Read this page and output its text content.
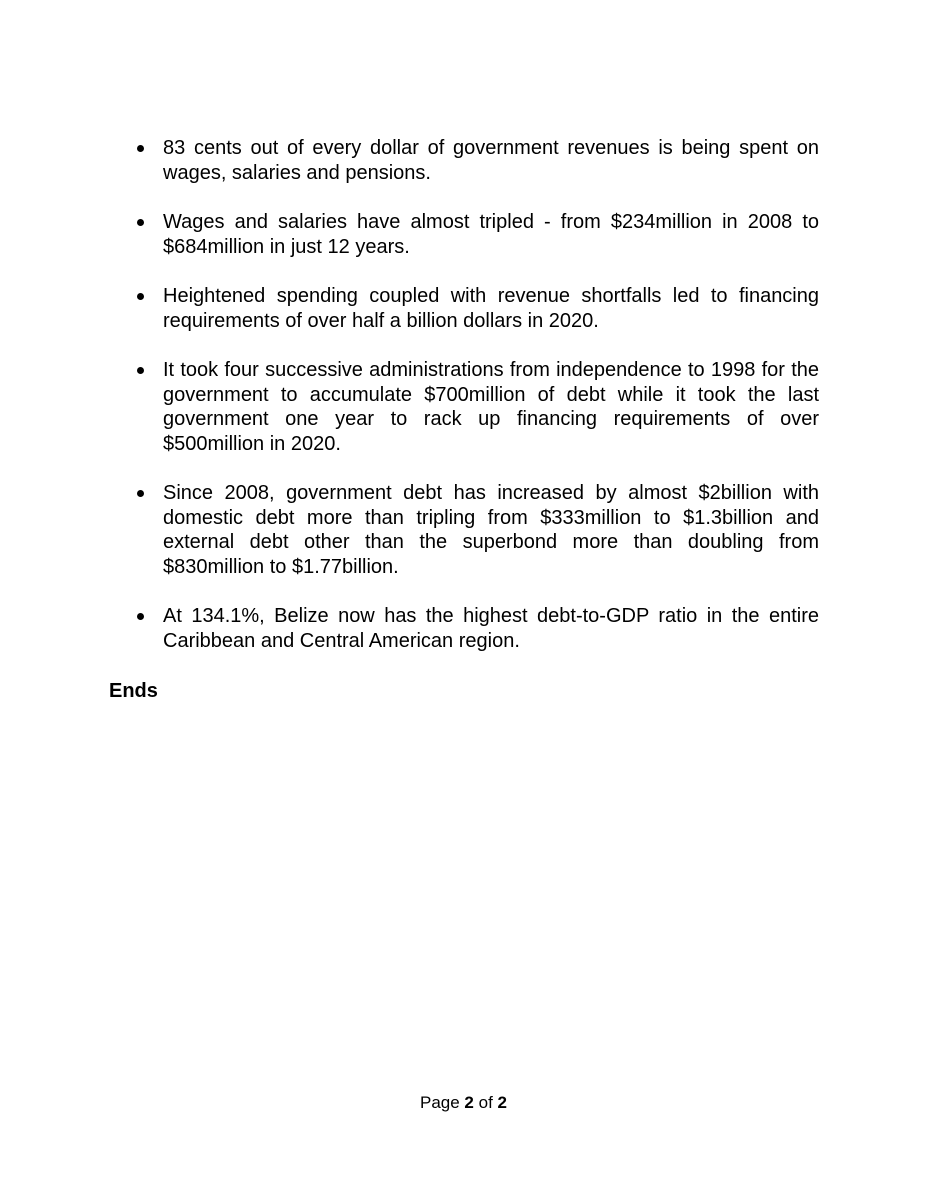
83 cents out of every dollar of government revenues is being spent on wages, salaries and pensions.
Wages and salaries have almost tripled - from $234million in 2008 to $684million in just 12 years.
Heightened spending coupled with revenue shortfalls led to financing requirements of over half a billion dollars in 2020.
It took four successive administrations from independence to 1998 for the government to accumulate $700million of debt while it took the last government one year to rack up financing requirements of over $500million in 2020.
Since 2008, government debt has increased by almost $2billion with domestic debt more than tripling from $333million to $1.3billion and external debt other than the superbond more than doubling from $830million to $1.77billion.
At 134.1%, Belize now has the highest debt-to-GDP ratio in the entire Caribbean and Central American region.
Ends
Page 2 of 2
